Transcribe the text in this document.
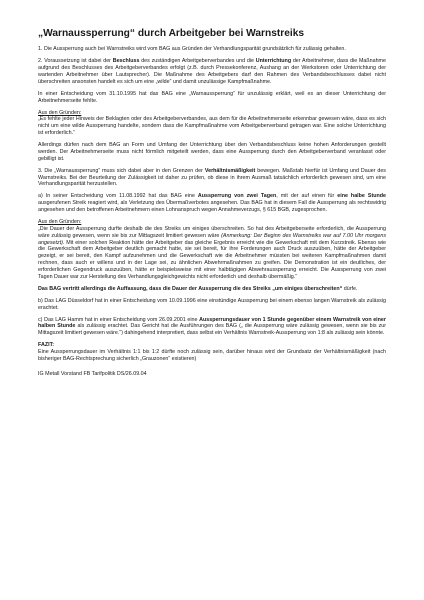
„Warnaussperrung“ durch Arbeitgeber bei Warnstreiks

1. Die Aussperrung auch bei Warnstreiks wird vom BAG aus Gründen der Verhandlungsparität grundsätzlich für zulässig gehalten.

2. Voraussetzung ist dabei der Beschluss des zuständigen Arbeitgeberverbandes und die Unterrichtung der Arbeitnehmer, dass die Maßnahme aufgrund des Beschlusses des Arbeitgeberverbandes erfolgt (z.B. durch Pressekonferenz, Aushang an der Werkstoren oder Unterrichtung der wartenden Arbeitnehmer über Lautsprecher). Die Maßnahme des Arbeitgebers darf den Rahmen des Verbandsbeschlusses dabei nicht überschreiten ansonsten handelt es sich um eine „wilde“ und damit unzulässige Kampfmaßnahme.

In einer Entscheidung vom 31.10.1995 hat das BAG eine „Warnaussperrung“ für unzulässig erklärt, weil es an dieser Unterrichtung der Arbeitnehmerseite fehlte.

Aus den Gründen:

„Es fehlte jeder Hinweis der Beklagten oder des Arbeitgeberverbandes, aus dem für die Arbeitnehmerseite erkennbar gewesen wäre, dass es sich nicht um eine wilde Aussperrung handelte, sondern dass die Kampfmaßnahme vom Arbeitgeberverband getragen war. Eine solche Unterrichtung ist erforderlich.“

Allerdings dürfen nach dem BAG an Form und Umfang der Unterrichtung über den Verbandsbeschluss keine hohen Anforderungen gestellt werden. Der Arbeitnehmerseite muss nicht förmlich mitgeteilt werden, dass eine Aussperrung durch den Arbeitgeberverband veranlasst oder gebilligt ist.

3. Die „Warnaussperrung“ muss sich dabei aber in den Grenzen der Verhältnismäßigkeit bewegen. Maßstab hierfür ist Umfang und Dauer des Warnstreiks. Bei der Beurteilung der Zulässigkeit ist daher zu prüfen, ob diese in ihrem Ausmaß tatsächlich erforderlich gewesen sind, um eine Verhandlungsparität herzustellen.

a) In seiner Entscheidung vom 11.08.1992 hat das BAG eine Aussperrung von zwei Tagen, mit der auf einen für eine halbe Stunde ausgerufenen Streik reagiert wird, als Verletzung des Übermaßverbotes angesehen. Das BAG hat in diesem Fall die Aussperrung als rechtswidrig angesehen und den betroffenen Arbeitnehmern einen Lohnanspruch wegen Annahmeverzugs, § 615 BGB, zugesprochen.

Aus den Gründen:

„Die Dauer der Aussperrung durfte deshalb die des Streiks um einiges überschreiten. So hat des Arbeitgeberseite erforderlich, die Aussperrung wäre zulässig gewesen, wenn sie bis zur Mittagszeit limitiert gewesen wäre (Anmerkung: Der Beginn des Warnstreiks war auf 7.00 Uhr morgens angesetzt). Mit einer solchen Reaktion hätte der Arbeitgeber das gleiche Ergebnis erreicht wie die Gewerkschaft mit dem Kurzstreik. Ebenso wie die Gewerkschaft dem Arbeitgeber deutlich gemacht hatte, sie sei bereit, für ihre Forderungen auch Druck auszuüben, hätte der Arbeitgeber gezeigt, er sei bereit, den Kampf aufzunehmen und die Gewerkschaft wie die Arbeitnehmer müssten bei weiteren Kampfmaßnahmen damit rechnen, dass auch er willens und in der Lage sei, zu ähnlichen Abwehrmaßnahmen zu greifen. Die Demonstration ist ein deutliches, der erforderlichen Gegendruck auszuüben, hätte er beispielsweise mit einer halbtägigen Abwehraussperrung erreicht. Die Aussperrung von zwei Tagen Dauer war zur Herstellung des Verhandlungsgleichgewichts nicht erforderlich und deshalb übermäßig.“

Das BAG vertritt allerdings die Auffassung, dass die Dauer der Aussperrung die des Streiks „um einiges überschreiten“ dürfe.

b) Das LAG Düsseldorf hat in einer Entscheidung vom 10.09.1996 eine einstündige Aussperrung bei einem ebenso langen Warnstreik als zulässig erachtet.

c) Das LAG Hamm hat in einer Entscheidung vom 26.09.2001 eine Aussperrungsdauer von 1 Stunde gegenüber einem Warnstreik von einer halben Stunde als zulässig erachtet. Das Gericht hat die Ausführungen des BAG („ die Aussperrung wäre zulässig gewesen, wenn sie bis zur Mittagszeit limitiert gewesen wäre.“) dahingehend interpretiert, dass selbst ein Verhältnis Warnstreik-Aussperrung von 1:8 als zulässig sein könnte.

FAZIT:

Eine Aussperrungsdauer im Verhältnis 1:1 bis 1:2 dürfte noch zulässig sein, darüber hinaus wird der Grundsatz der Verhältnismäßigkeit (nach bisheriger BAG-Rechtsprechung sicherlich „Grauzonen“ existieren)

IG Metall Vorstand FB Tarifpolitik DS/26.09.04
